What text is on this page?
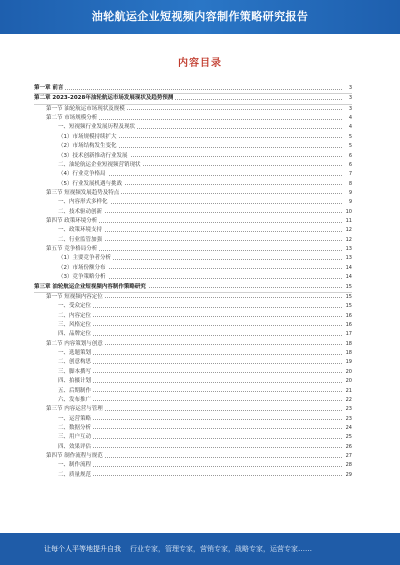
油轮航运企业短视频内容制作策略研究报告
内容目录
第一章 前言	3
第二章 2023-2028年油轮航运市场发展现状及趋势预测	3
第一节 油轮航运市场现状及规模	3
第二节 市场规模分析	4
一、短视频行业发展历程及现状	4
（1）市场规模持续扩大	5
（2）市场结构发生变化	5
（3）技术创新推动行业发展	6
二、油轮航运企业短视频营销现状	6
（4）行业竞争格局	7
（5）行业发展机遇与挑战	8
第三节 短视频发展趋势及特点	9
一、内容形式多样化	9
二、技术驱动创新	10
第四节 政策环境分析	11
一、政策环境支持	12
二、行业监管加强	12
第五节 竞争格局分析	13
（1）主要竞争者分析	13
（2）市场份额分布	14
（3）竞争策略分析	14
第三章 油轮航运企业短视频内容制作策略研究	15
第一节 短视频内容定位	15
一、受众定位	15
二、内容定位	16
三、风格定位	16
四、品牌定位	17
第二节 内容策划与创意	18
一、选题策划	18
二、创意构思	19
三、脚本撰写	20
四、拍摄计划	20
五、后期制作	21
六、发布推广	22
第三节 内容运营与管理	23
一、运营策略	23
二、数据分析	24
三、用户互动	25
四、效果评估	26
第四节 制作流程与规范	27
一、制作流程	28
二、质量规范	29
让每个人平等地提升自我 行业专家，管理专家，营销专家，战略专家，运营专家……
